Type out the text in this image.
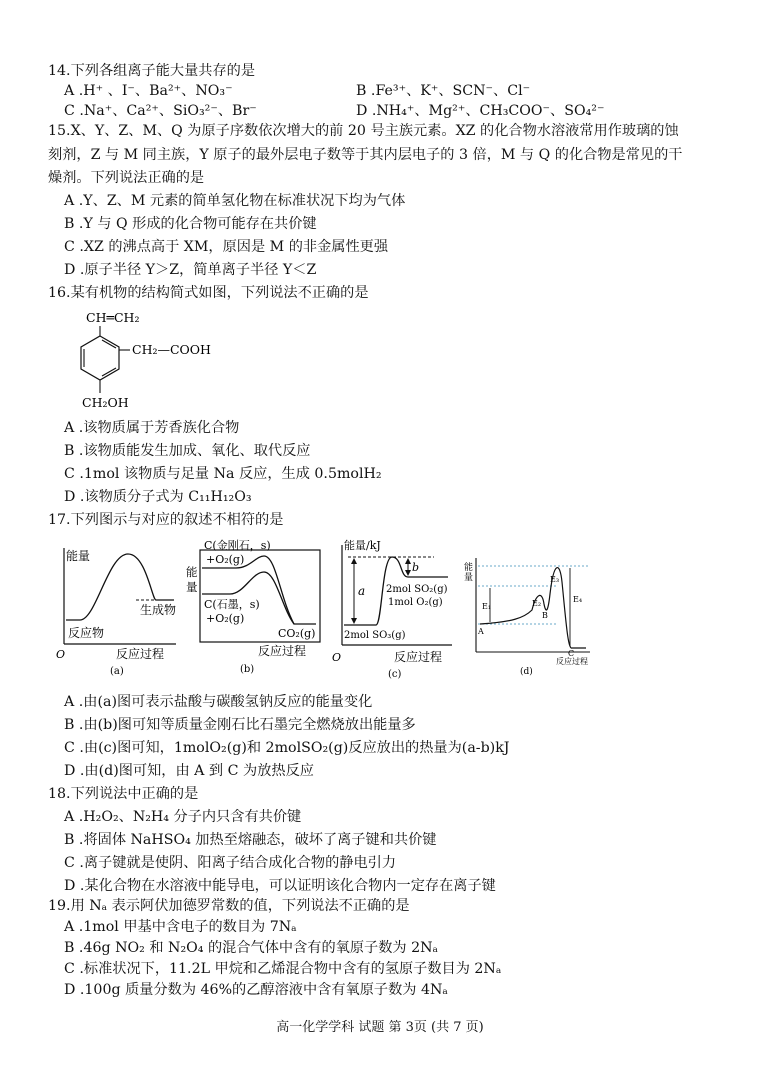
14.下列各组离子能大量共存的是
A .H⁺ 、I⁻、Ba²⁺、NO₃⁻	B .Fe³⁺、K⁺、SCN⁻、Cl⁻
C .Na⁺、Ca²⁺、SiO₃²⁻、Br⁻	D .NH₄⁺、Mg²⁺、CH₃COO⁻、SO₄²⁻
15.X、Y、Z、M、Q 为原子序数依次增大的前 20 号主族元素。XZ 的化合物水溶液常用作玻璃的蚀
刻剂，Z 与 M 同主族，Y 原子的最外层电子数等于其内层电子的 3 倍，M 与 Q 的化合物是常见的干
燥剂。下列说法正确的是
A .Y、Z、M 元素的简单氢化物在标准状况下均为气体
B .Y 与 Q 形成的化合物可能存在共价键
C .XZ 的沸点高于 XM，原因是 M 的非金属性更强
D .原子半径 Y＞Z，简单离子半径 Y＜Z
16.某有机物的结构简式如图，下列说法不正确的是
CH═CH₂
CH₂—COOH
CH₂OH
A .该物质属于芳香族化合物
B .该物质能发生加成、氧化、取代反应
C .1mol 该物质与足量 Na 反应，生成 0.5molH₂
D .该物质分子式为 C₁₁H₁₂O₃
17.下列图示与对应的叙述不相符的是
能量
生成物
反应物
O	反应过程
(a)
能
量
C(金刚石，s)
+O₂(g)
C(石墨，s)
+O₂(g)
CO₂(g)
反应过程
(b)
能量/kJ
a
b
2mol SO₂(g)
1mol O₂(g)
2mol SO₃(g)
O	反应过程
(c)
能
量
E₁	E₂
E₃
E₄
A
B
C
反应过程
(d)
A .由(a)图可表示盐酸与碳酸氢钠反应的能量变化
B .由(b)图可知等质量金刚石比石墨完全燃烧放出能量多
C .由(c)图可知，1molO₂(g)和 2molSO₂(g)反应放出的热量为(a-b)kJ
D .由(d)图可知，由 A 到 C 为放热反应
18.下列说法中正确的是
A .H₂O₂、N₂H₄ 分子内只含有共价键
B .将固体 NaHSO₄ 加热至熔融态，破坏了离子键和共价键
C .离子键就是使阴、阳离子结合成化合物的静电引力
D .某化合物在水溶液中能导电，可以证明该化合物内一定存在离子键
19.用 Nₐ 表示阿伏加德罗常数的值，下列说法不正确的是
A .1mol 甲基中含电子的数目为 7Nₐ
B .46g NO₂ 和 N₂O₄ 的混合气体中含有的氧原子数为 2Nₐ
C .标准状况下，11.2L 甲烷和乙烯混合物中含有的氢原子数目为 2Nₐ
D .100g 质量分数为 46%的乙醇溶液中含有氧原子数为 4Nₐ
高一化学学科 试题 第 3页 (共 7 页)
